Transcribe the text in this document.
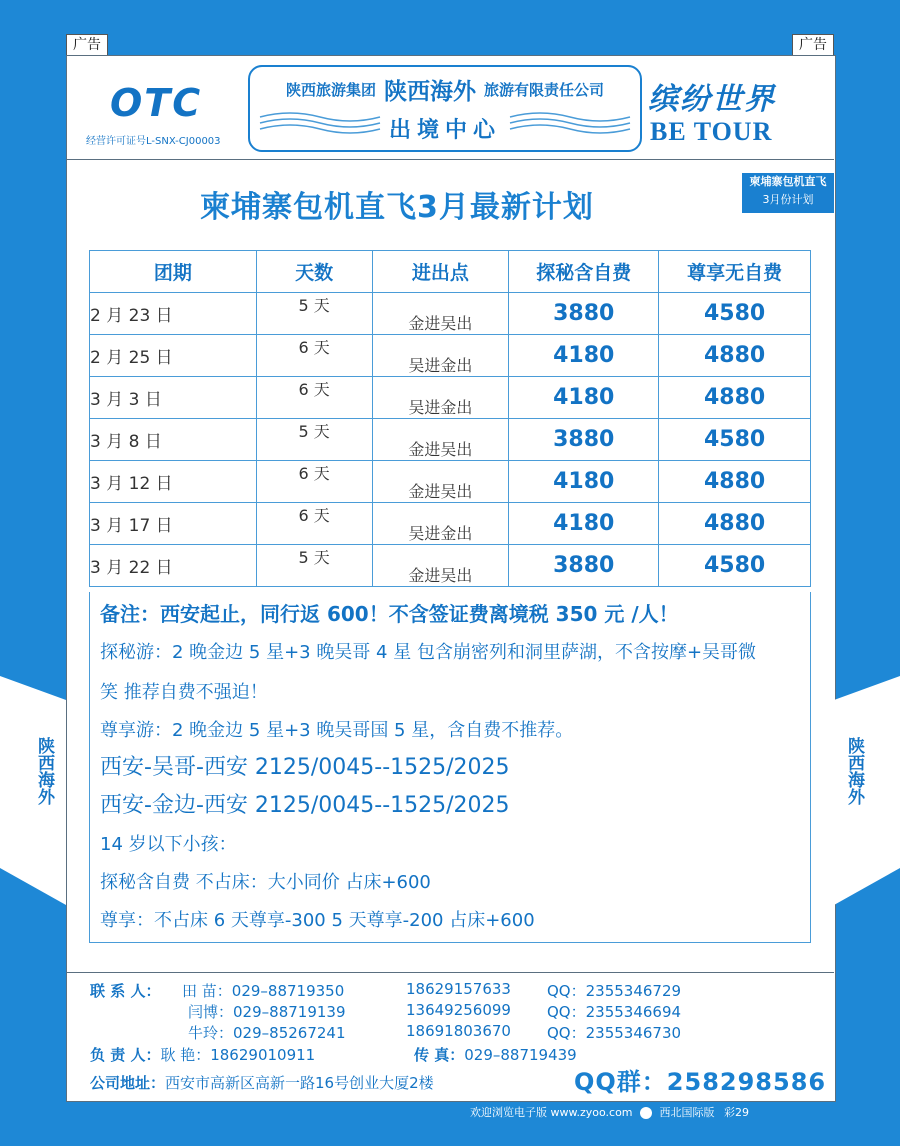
广告	广告
陕西海外	陕西海外
OTC
经营许可证号L-SNX-CJ00003
陕西旅游集团 陕西海外 旅游有限责任公司
出境中心
缤纷世界
BE TOUR
柬埔寨包机直飞3月最新计划
柬埔寨包机直飞
3月份计划
团期	天数	进出点	探秘含自费	尊享无自费
2 月 23 日	5 天	金进吴出	3880	4580
2 月 25 日	6 天	吴进金出	4180	4880
3 月 3 日	6 天	吴进金出	4180	4880
3 月 8 日	5 天	金进吴出	3880	4580
3 月 12 日	6 天	金进吴出	4180	4880
3 月 17 日	6 天	吴进金出	4180	4880
3 月 22 日	5 天	金进吴出	3880	4580
备注：西安起止，同行返 600！不含签证费离境税 350 元 /人！
探秘游：2 晚金边 5 星+3 晚吴哥 4 星 包含崩密列和洞里萨湖，不含按摩+吴哥微
笑 推荐自费不强迫！
尊享游：2 晚金边 5 星+3 晚吴哥国 5 星，含自费不推荐。
西安-吴哥-西安 2125/0045--1525/2025
西安-金边-西安 2125/0045--1525/2025
14 岁以下小孩：
探秘含自费 不占床：大小同价 占床+600
尊享：不占床 6 天尊享-300 5 天尊享-200 占床+600
联 系 人： 田 苗：029–88719350	18629157633 QQ：2355346729
闫博：029–88719139	13649256099 QQ：2355346694
牛玲：029–85267241	18691803670 QQ：2355346730
负 责 人：耿 艳：18629010911	传 真：029–88719439
公司地址：西安市高新区高新一路16号创业大厦2楼	QQ群：258298586
欢迎浏览电子版 www.zyoo.com 西北国际版 彩29
